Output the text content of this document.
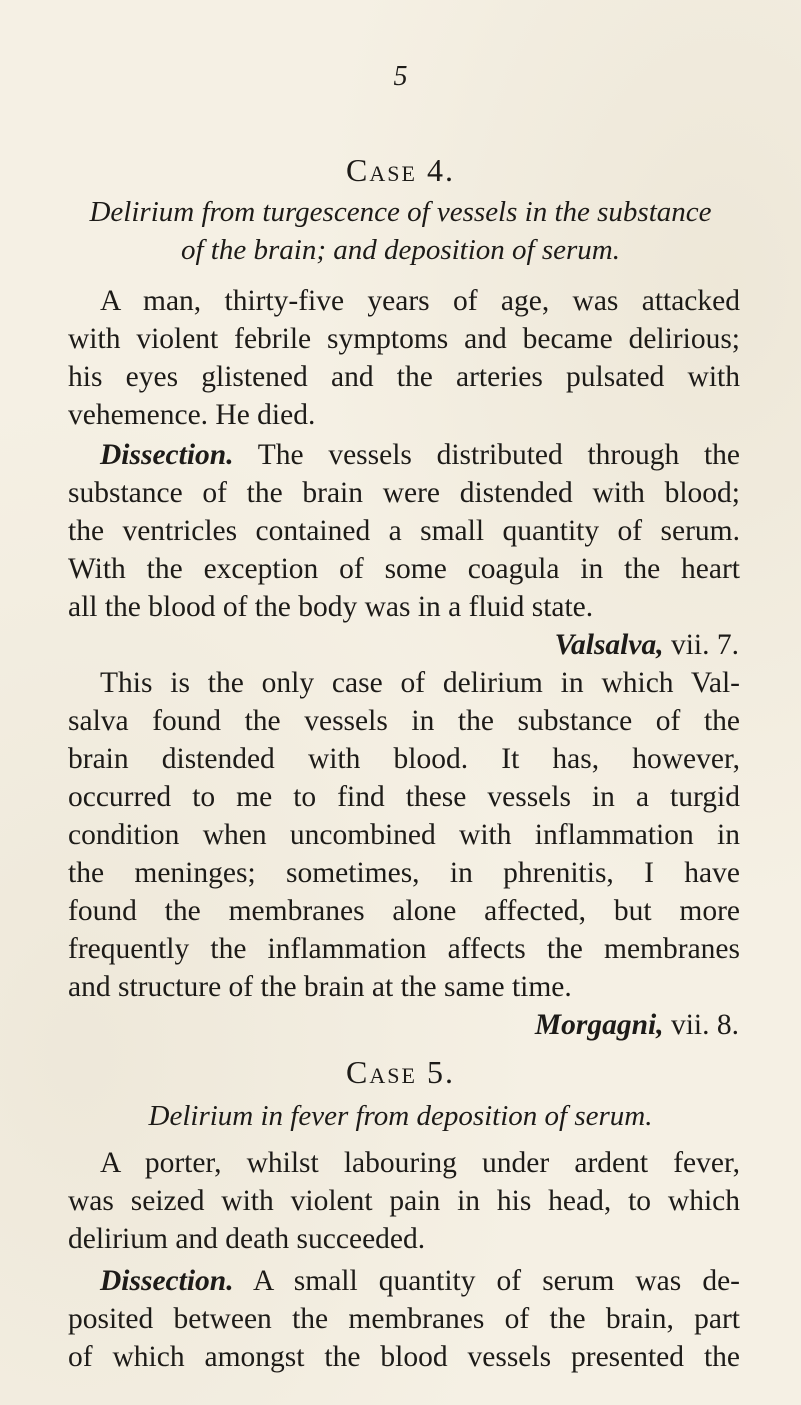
5
Case 4.
Delirium from turgescence of vessels in the substance
of the brain; and deposition of serum.
A man, thirty-five years of age, was attacked
with violent febrile symptoms and became delirious;
his eyes glistened and the arteries pulsated with
vehemence. He died.
Dissection. The vessels distributed through the
substance of the brain were distended with blood;
the ventricles contained a small quantity of serum.
With the exception of some coagula in the heart
all the blood of the body was in a fluid state.
Valsalva, vii. 7.
This is the only case of delirium in which Val-
salva found the vessels in the substance of the
brain distended with blood. It has, however,
occurred to me to find these vessels in a turgid
condition when uncombined with inflammation in
the meninges; sometimes, in phrenitis, I have
found the membranes alone affected, but more
frequently the inflammation affects the membranes
and structure of the brain at the same time.
Morgagni, vii. 8.
Case 5.
Delirium in fever from deposition of serum.
A porter, whilst labouring under ardent fever,
was seized with violent pain in his head, to which
delirium and death succeeded.
Dissection. A small quantity of serum was de-
posited between the membranes of the brain, part
of which amongst the blood vessels presented the
